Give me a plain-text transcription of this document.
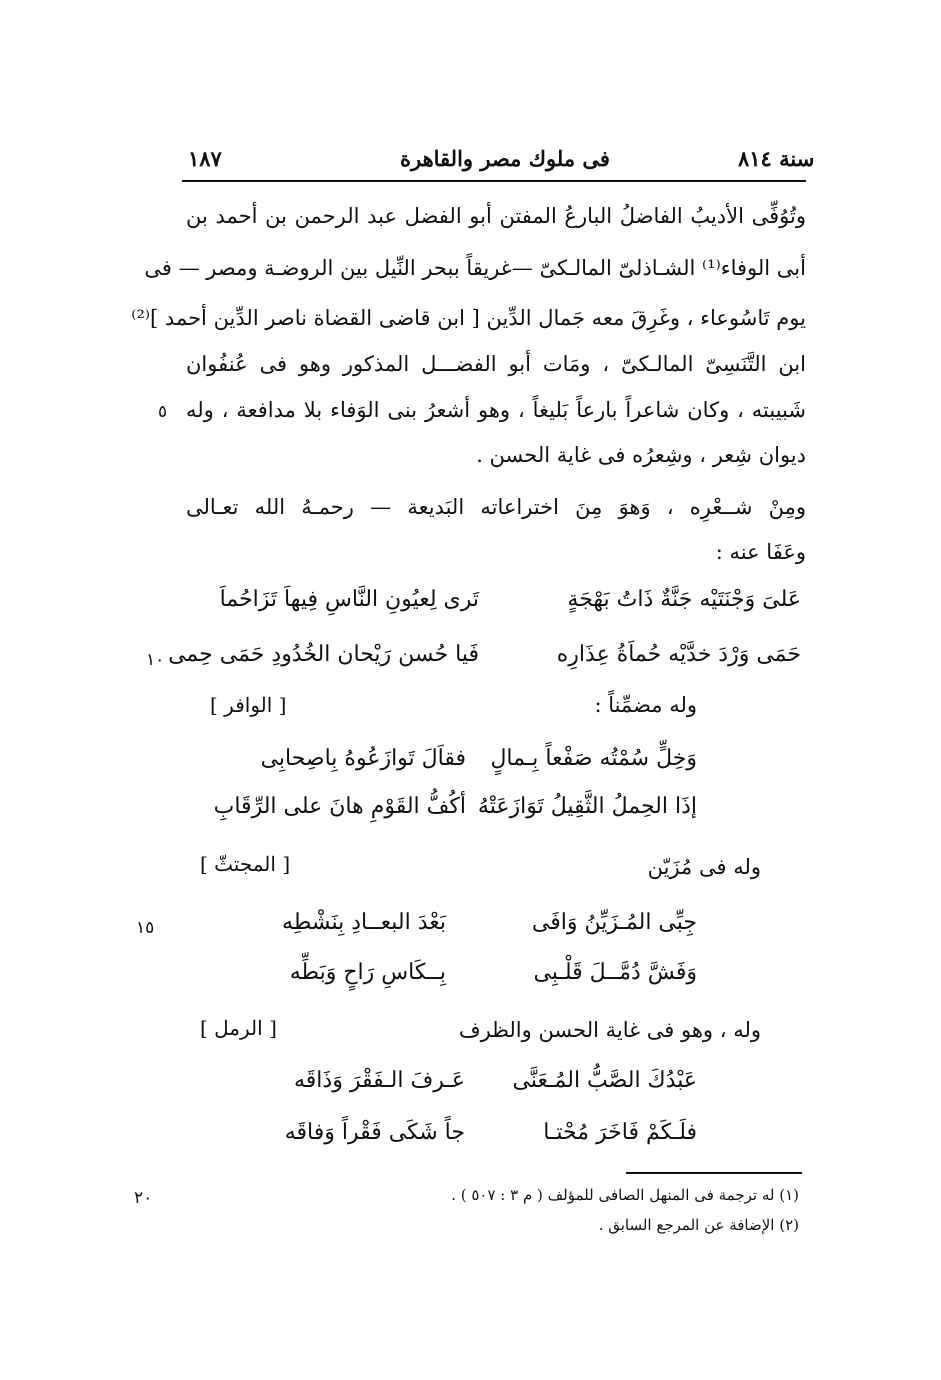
١٨٧	فى ملوك مصر والقاهرة	سنة ٨١٤
وتُوُفِّى الأديبُ الفاضلُ البارعُ المفتن أبو الفضل عبد الرحمن بن أحمد بن
أبى الوفاء⁽¹⁾ الشـاذلىّ المالـكىّ —غريقاً ببحر النِّيل بين الروضـة ومصر — فى
يوم تَاسُوعاء ، وغَرِقَ معه جَمال الدِّين [ ابن قاضى القضاة ناصر الدِّين أحمد ]⁽²⁾
ابن التَّنَسِىّ المالـكىّ ، ومَات أبو الفضـــل المذكور وهو فى عُنفُوان
شَبيبته ، وكان شاعراً بارعاً بَليغاً ، وهو أشعرُ بنى الوَفاء بلا مدافعة ، وله
ديوان شِعر ، وشِعرُه فى غاية الحسن .
٥
ومِنْ شــعْرِه ، وَهوَ مِنَ اختراعاته البَديعة — رحمـهُ الله تعـالى
وعَفَا عنه :
عَلىَ وَجْنَتَيْه جَنَّةٌ ذَاتُ بَهْجَةٍ
تَرى لِعيُونِ النَّاسِ فِيهاَ تَزَاحُماَ
حَمَى وَرْدَ خدَّيْه حُماَةُ عِذَارِه
فَيا حُسن رَيْحان الخُدُودِ حَمَى حِمى
١٠
وله مضمِّناً :
[ الوافر ]
وَخِلٍّ سُمْتُه صَفْعاً بِـمالٍ
فقاَلَ تَوازَعُوهُ بِاصِحابِى
إذَا الحِملُ الثَّقِيلُ تَوَازَعَتْهُ
أكُفُّ القَوْمِ هانَ على الرِّقَابِ
وله فى مُزَيّن
[ المجتثّ ]
جِبِّى المُـزَيِّنُ وَافَى
بَعْدَ البعــادِ بِنَشْطِه
وَفَشَّ دُمَّــلَ قَلْـبِى
بِــكَاسِ رَاحٍ وَبَطِّه
١٥
وله ، وهو فى غاية الحسن والظرف
[ الرمل ]
عَبْدُكَ الصَّبُّ المُـعَنَّى
عَـرفَ الـفَقْرَ وَذَاقَه
فلَـكَمْ فَاخَرَ مُحْتـا
جاً شَكَى فَقْراً وَفاقَه
(١) له ترجمة فى المنهل الصافى للمؤلف ( م ٣ : ٥٠٧ ) .
(٢) الإضافة عن المرجع السابق .
٢٠
